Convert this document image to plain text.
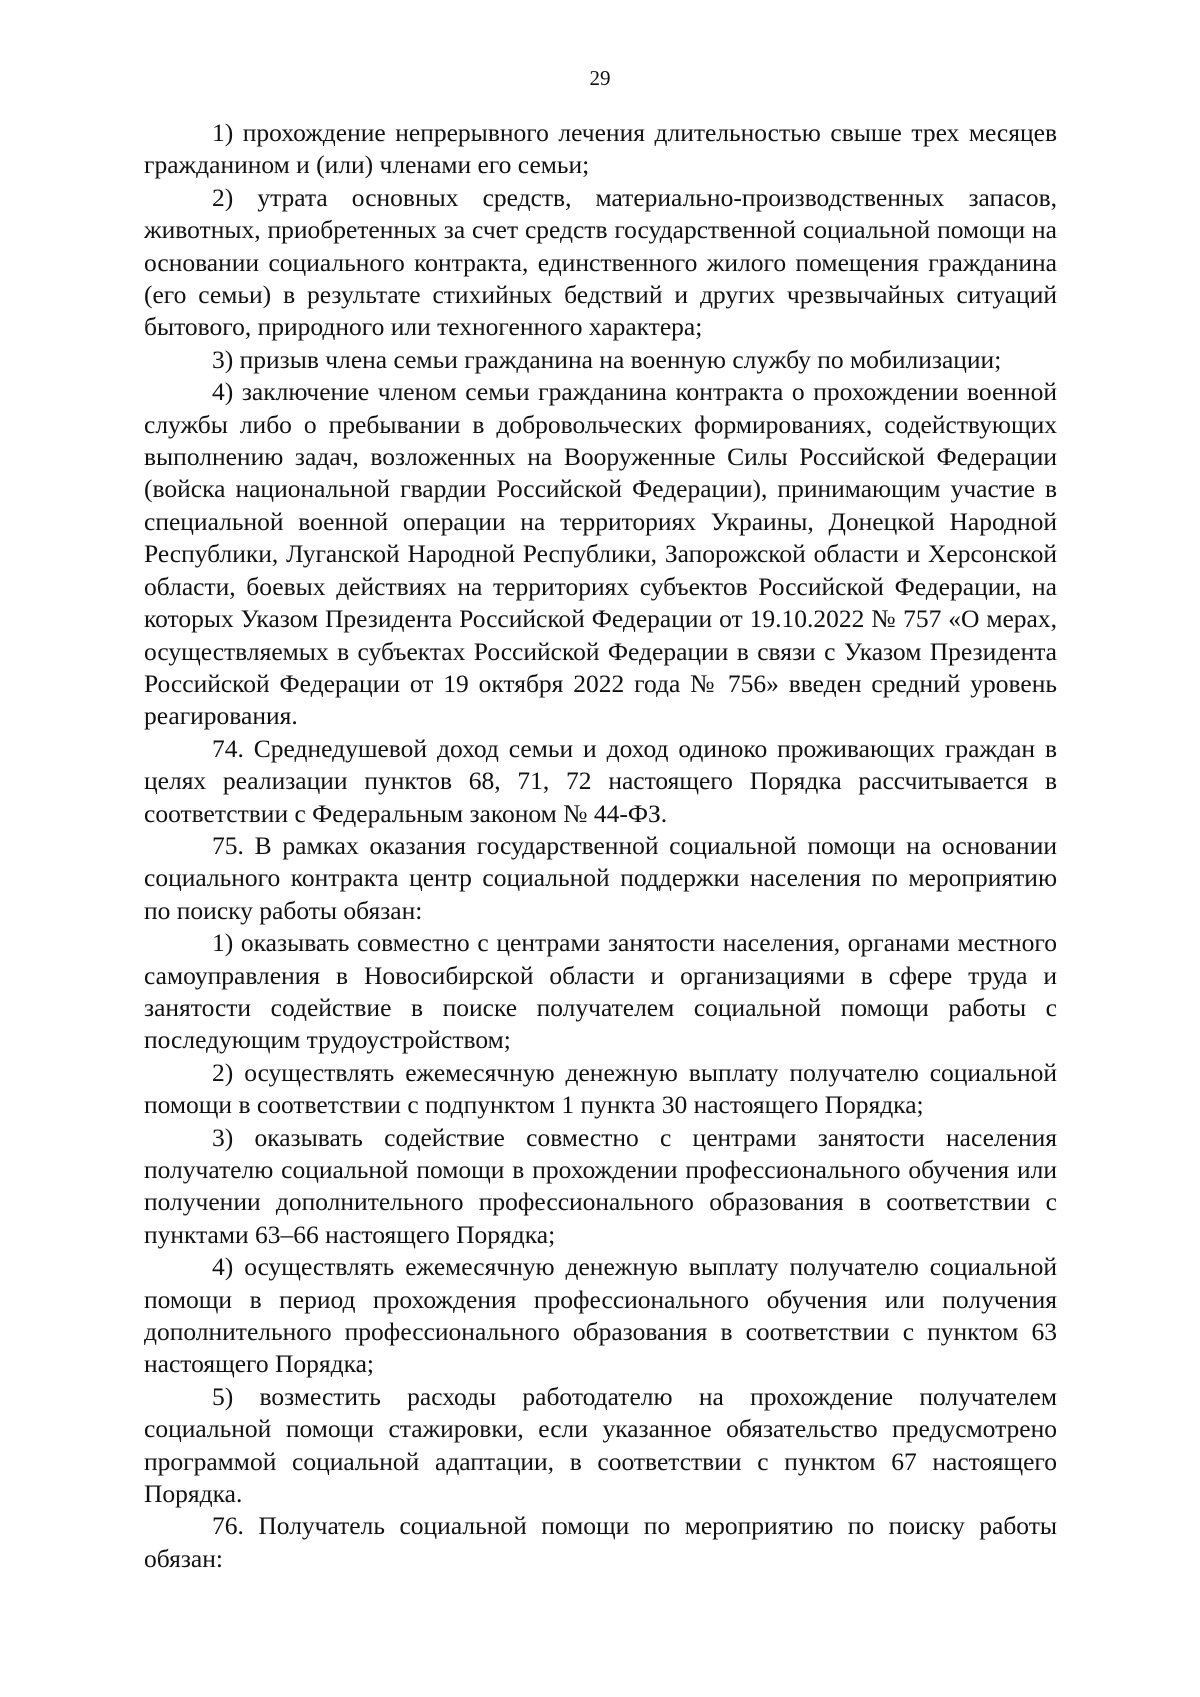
29

1) прохождение непрерывного лечения длительностью свыше трех месяцев гражданином и (или) членами его семьи;

2) утрата основных средств, материально-производственных запасов, животных, приобретенных за счет средств государственной социальной помощи на основании социального контракта, единственного жилого помещения гражданина (его семьи) в результате стихийных бедствий и других чрезвычайных ситуаций бытового, природного или техногенного характера;

3) призыв члена семьи гражданина на военную службу по мобилизации;

4) заключение членом семьи гражданина контракта о прохождении военной службы либо о пребывании в добровольческих формированиях, содействующих выполнению задач, возложенных на Вооруженные Силы Российской Федерации (войска национальной гвардии Российской Федерации), принимающим участие в специальной военной операции на территориях Украины, Донецкой Народной Республики, Луганской Народной Республики, Запорожской области и Херсонской области, боевых действиях на территориях субъектов Российской Федерации, на которых Указом Президента Российской Федерации от 19.10.2022 № 757 «О мерах, осуществляемых в субъектах Российской Федерации в связи с Указом Президента Российской Федерации от 19 октября 2022 года № 756» введен средний уровень реагирования.

74. Среднедушевой доход семьи и доход одиноко проживающих граждан в целях реализации пунктов 68, 71, 72 настоящего Порядка рассчитывается в соответствии с Федеральным законом № 44-ФЗ.

75. В рамках оказания государственной социальной помощи на основании социального контракта центр социальной поддержки населения по мероприятию по поиску работы обязан:

1) оказывать совместно с центрами занятости населения, органами местного самоуправления в Новосибирской области и организациями в сфере труда и занятости содействие в поиске получателем социальной помощи работы с последующим трудоустройством;

2) осуществлять ежемесячную денежную выплату получателю социальной помощи в соответствии с подпунктом 1 пункта 30 настоящего Порядка;

3) оказывать содействие совместно с центрами занятости населения получателю социальной помощи в прохождении профессионального обучения или получении дополнительного профессионального образования в соответствии с пунктами 63–66 настоящего Порядка;

4) осуществлять ежемесячную денежную выплату получателю социальной помощи в период прохождения профессионального обучения или получения дополнительного профессионального образования в соответствии с пунктом 63 настоящего Порядка;

5) возместить расходы работодателю на прохождение получателем социальной помощи стажировки, если указанное обязательство предусмотрено программой социальной адаптации, в соответствии с пунктом 67 настоящего Порядка.

76. Получатель социальной помощи по мероприятию по поиску работы обязан:
